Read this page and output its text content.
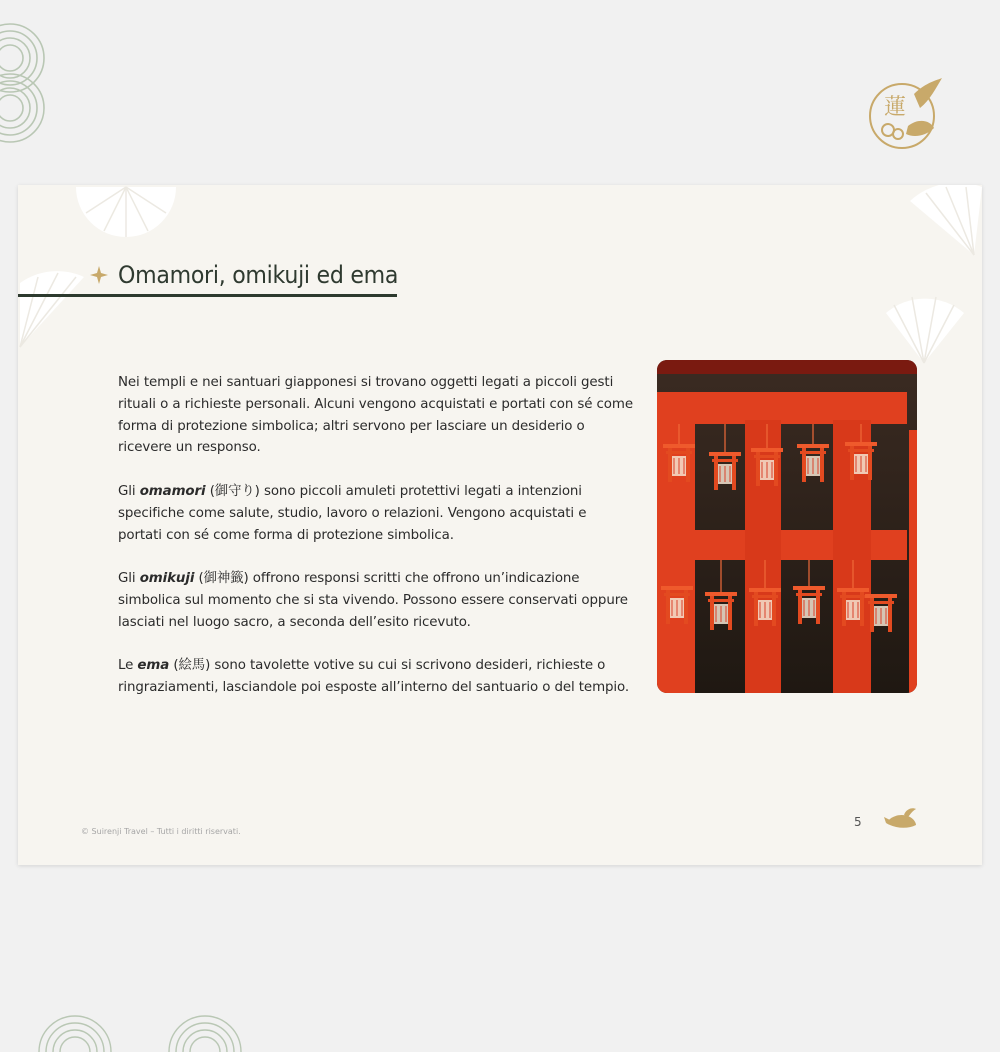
蓮
Omamori, omikuji ed ema

Nei templi e nei santuari giapponesi si trovano oggetti legati a piccoli gesti rituali o a richieste personali. Alcuni vengono acquistati e portati con sé come forma di protezione simbolica; altri servono per lasciare un desiderio o ricevere un responso.

Gli omamori (御守り) sono piccoli amuleti protettivi legati a intenzioni specifiche come salute, studio, lavoro o relazioni. Vengono acquistati e portati con sé come forma di protezione simbolica.

Gli omikuji (御神籤) offrono responsi scritti che offrono un’indicazione simbolica sul momento che si sta vivendo. Possono essere conservati oppure lasciati nel luogo sacro, a seconda dell’esito ricevuto.

Le ema (絵馬) sono tavolette votive su cui si scrivono desideri, richieste o ringraziamenti, lasciandole poi esposte all’interno del santuario o del tempio.

© Suirenji Travel – Tutti i diritti riservati.
5
